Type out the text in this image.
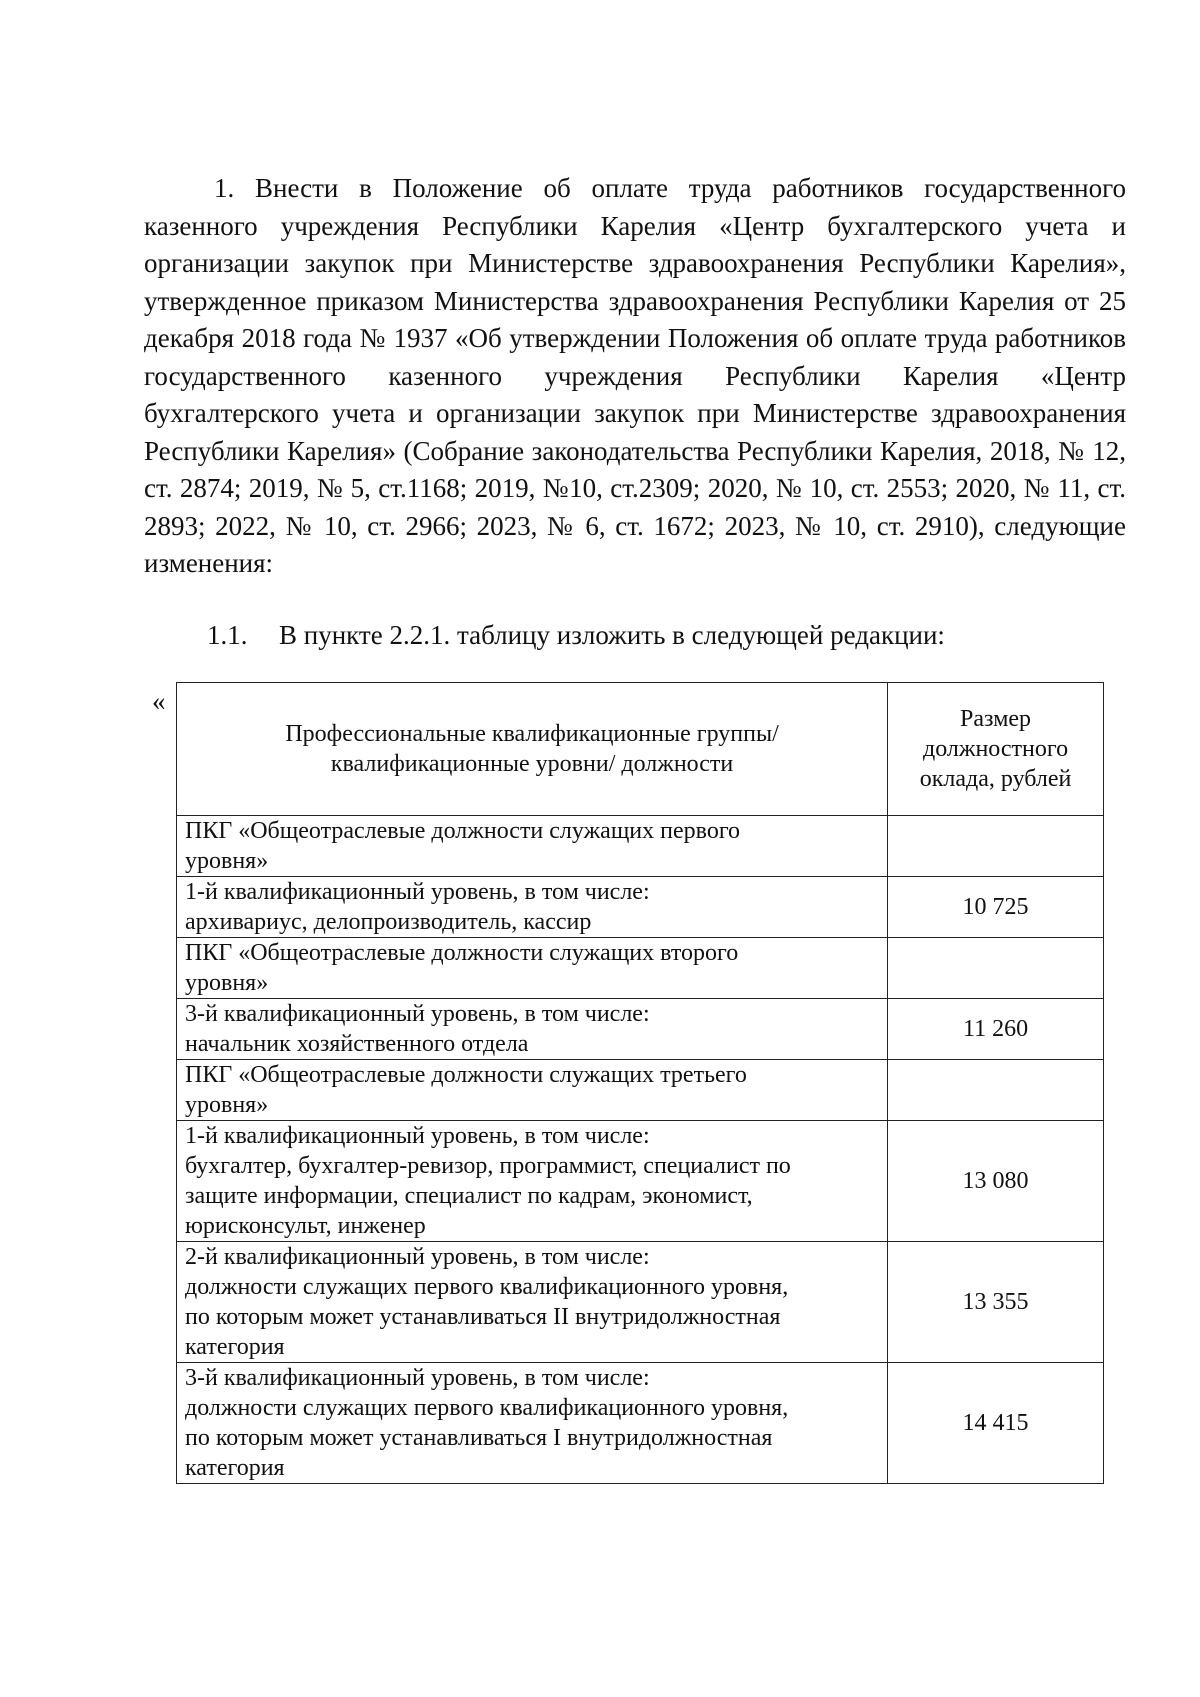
1. Внести в Положение об оплате труда работников государственного казенного учреждения Республики Карелия «Центр бухгалтерского учета и организации закупок при Министерстве здравоохранения Республики Карелия», утвержденное приказом Министерства здравоохранения Республики Карелия от 25 декабря 2018 года № 1937 «Об утверждении Положения об оплате труда работников государственного казенного учреждения Республики Карелия «Центр бухгалтерского учета и организации закупок при Министерстве здравоохранения Республики Карелия» (Собрание законодательства Республики Карелия, 2018, № 12, ст. 2874; 2019, № 5, ст.1168; 2019, №10, ст.2309; 2020, № 10, ст. 2553; 2020, № 11, ст. 2893; 2022, № 10, ст. 2966; 2023, № 6, ст. 1672; 2023, № 10, ст. 2910), следующие изменения:

1.1. В пункте 2.2.1. таблицу изложить в следующей редакции:

«
Профессиональные квалификационные группы/
квалификационные уровни/ должности	Размер
должностного
оклада, рублей

ПКГ «Общеотраслевые должности служащих первого
уровня»	

1-й квалификационный уровень, в том числе:
архивариус, делопроизводитель, кассир	10 725

ПКГ «Общеотраслевые должности служащих второго
уровня»	

3-й квалификационный уровень, в том числе:
начальник хозяйственного отдела	11 260

ПКГ «Общеотраслевые должности служащих третьего
уровня»	

1-й квалификационный уровень, в том числе:
бухгалтер, бухгалтер-ревизор, программист, специалист по
защите информации, специалист по кадрам, экономист,
юрисконсульт, инженер	13 080

2-й квалификационный уровень, в том числе:
должности служащих первого квалификационного уровня,
по которым может устанавливаться II внутридолжностная
категория	13 355

3-й квалификационный уровень, в том числе:
должности служащих первого квалификационного уровня,
по которым может устанавливаться I внутридолжностная
категория	14 415
